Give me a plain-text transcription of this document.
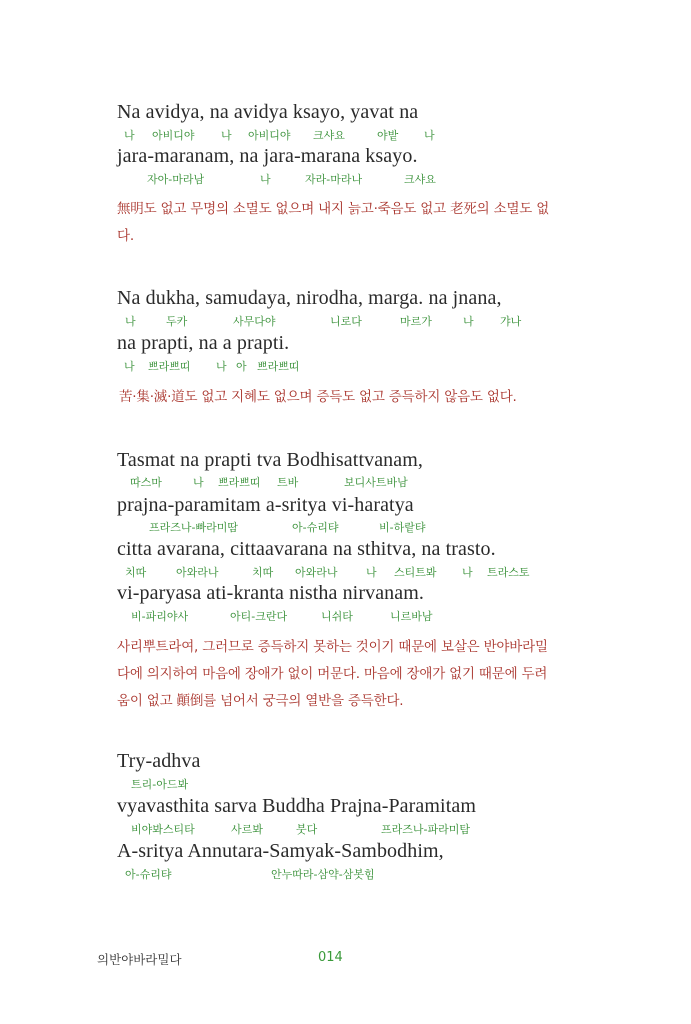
Na avidya, na avidya ksayo, yavat na
나 아비디야 나 아비디야 크샤요	야밭 나
jara-maranam, na jara-marana ksayo.
자아-마라남	나	자라-마라나	크샤요
無明도 없고 무명의 소멸도 없으며 내지 늙고·죽음도 없고 老死의 소멸도 없다.
Na dukha, samudaya, nirodha, marga. na jnana,
나	두카	사무다야	니로다	마르가	나 갸나
na prapti, na a prapti.
나 쁘라쁘띠 나 아 쁘라쁘띠
苦·集·滅·道도 없고 지혜도 없으며 증득도 없고 증득하지 않음도 없다.
Tasmat na prapti tva Bodhisattvanam,
따스마	나 쁘라쁘띠 트바	보디사트바남
prajna-paramitam a-sritya vi-haratya
프라즈나-빠라미땀	아-슈리탸	비-하랕탸
citta avarana, cittaavarana na sthitva, na trasto.
치따	아와라나	치따 아와라나	나 스티트봐 나 트라스토
vi-paryasa ati-kranta nistha nirvanam.
비-파리야사	아티-크란다	니쉬타	니르바남
사리뿌트라여, 그러므로 증득하지 못하는 것이기 때문에 보살은 반야바라밀다에 의지하여 마음에 장애가 없이 머문다. 마음에 장애가 없기 때문에 두려움이 없고 顚倒를 넘어서 궁극의 열반을 증득한다.
Try-adhva
트리-아드봐
vyavasthita sarva Buddha Prajna-Paramitam
비야봐스티타	사르봐	붓다	프라즈나-파라미탐
A-sritya Annutara-Samyak-Sambodhim,
아-슈리탸	안누따라-삼약-삼봇힘
의반야바라밀다	014
